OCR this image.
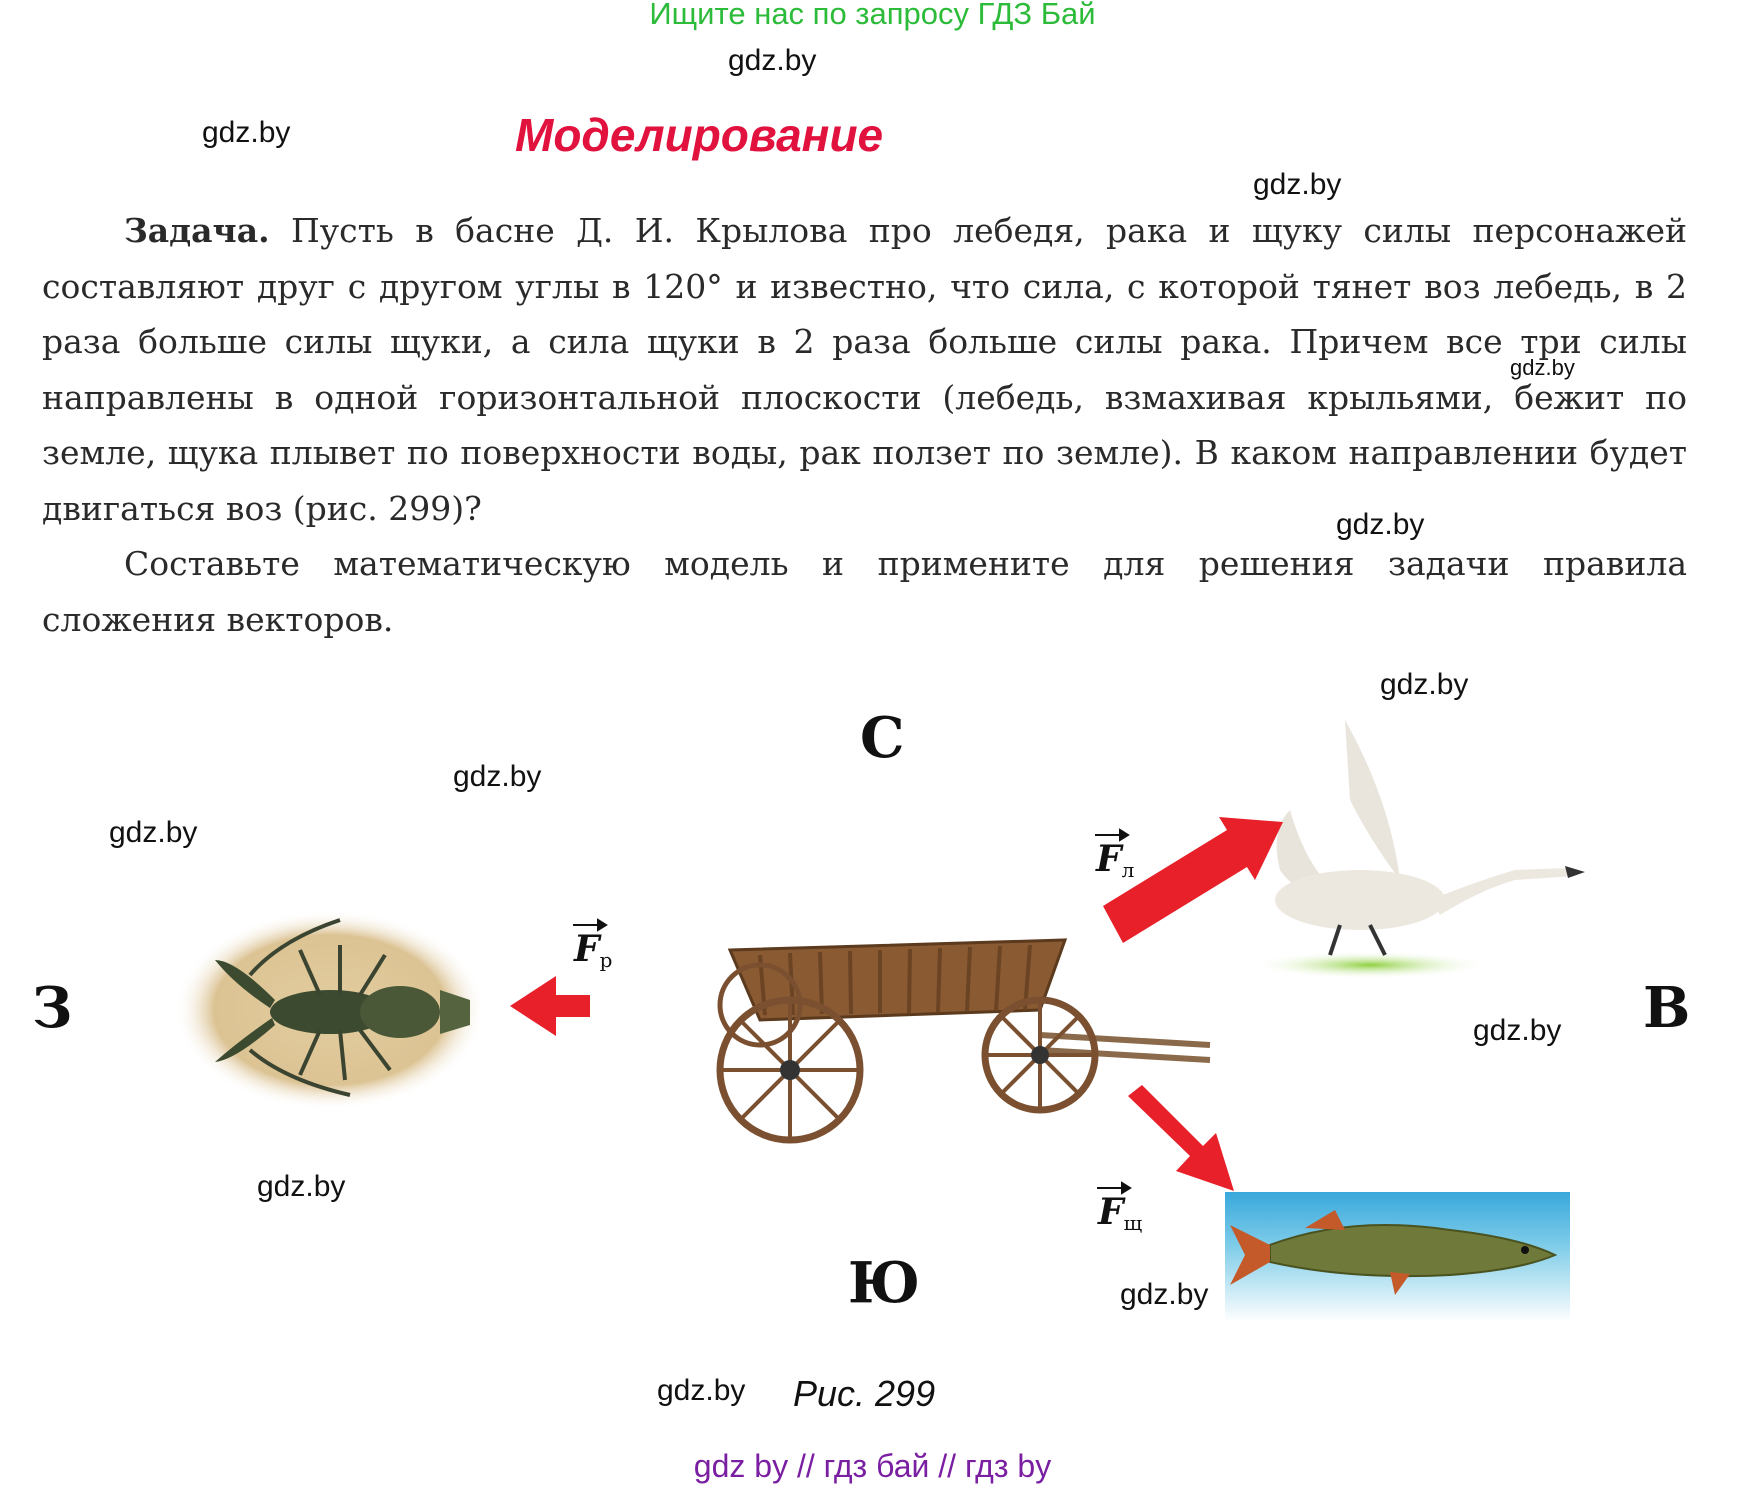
Ищите нас по запросу ГДЗ Бай
gdz.by
gdz.by
gdz.by
gdz.by
gdz.by
gdz.by
gdz.by
gdz.by
gdz.by
gdz.by
gdz.by
gdz.by
Моделирование

Задача. Пусть в басне Д. И. Крылова про лебедя, рака и щуку силы персонажей составляют друг с другом углы в 120° и известно, что сила, с которой тянет воз лебедь, в 2 раза больше силы щуки, а сила щуки в 2 раза больше силы рака. Причем все три силы направлены в одной горизонтальной плоскости (лебедь, взмахивая крыльями, бежит по земле, щука плывет по поверхности воды, рак ползет по земле). В каком направлении будет двигаться воз (рис. 299)?

Составьте математическую модель и примените для решения задачи правила сложения векторов.

С
Ю
З	В
$F_л$
$F_р$
$F_щ$
Рис. 299
gdz by // гдз бай // гдз by
